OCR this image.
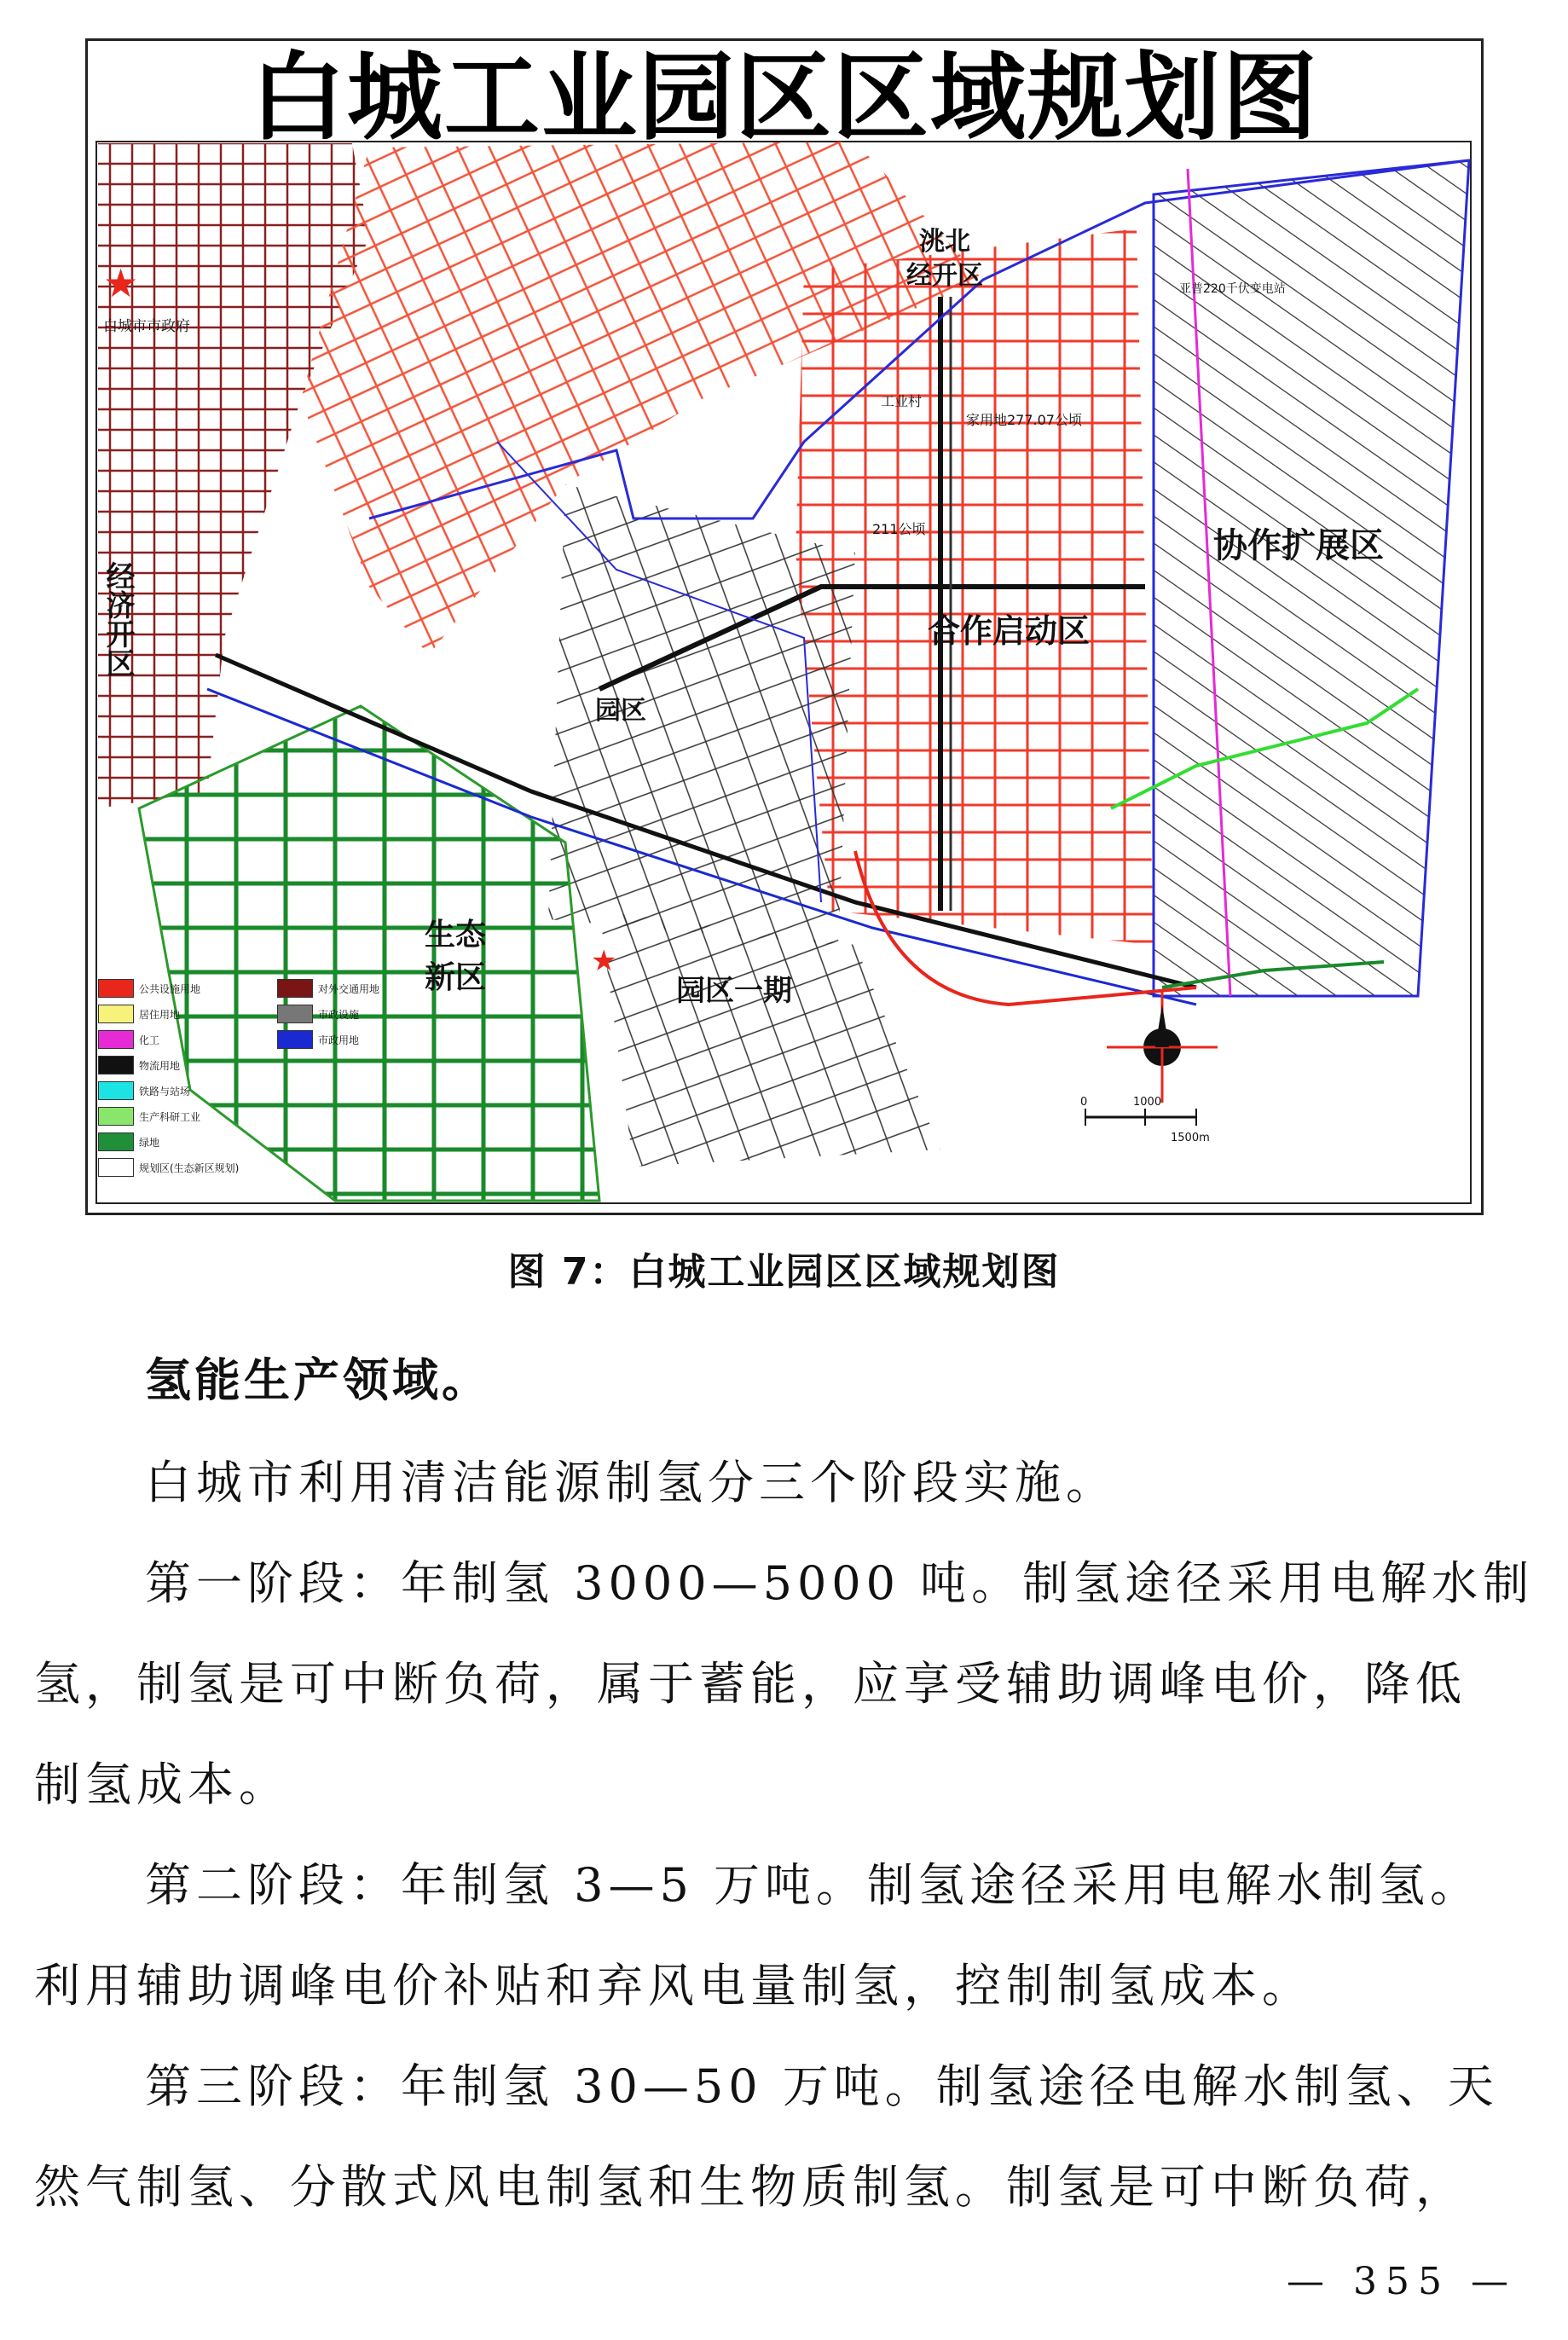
0	1000
1500m
★
★
洮北
经开区
协作扩展区
合作启动区
园区
园区一期
生态
新区
经济开区
白城市市政府
家用地277.07公顷
211公顷
亚普220千伏变电站
工业村
白城工业园区区域规划图
公共设施用地
居住用地
化工
物流用地
铁路与站场
生产科研工业
绿地
规划区(生态新区规划)
对外交通用地
市政设施
市政用地
图 7：白城工业园区区域规划图
氢能生产领域。
白城市利用清洁能源制氢分三个阶段实施。
第一阶段：年制氢 3000—5000 吨。制氢途径采用电解水制
氢，制氢是可中断负荷，属于蓄能，应享受辅助调峰电价，降低
制氢成本。
第二阶段：年制氢 3—5 万吨。制氢途径采用电解水制氢。
利用辅助调峰电价补贴和弃风电量制氢，控制制氢成本。
第三阶段：年制氢 30—50 万吨。制氢途径电解水制氢、天
然气制氢、分散式风电制氢和生物质制氢。制氢是可中断负荷，
— 355 —
